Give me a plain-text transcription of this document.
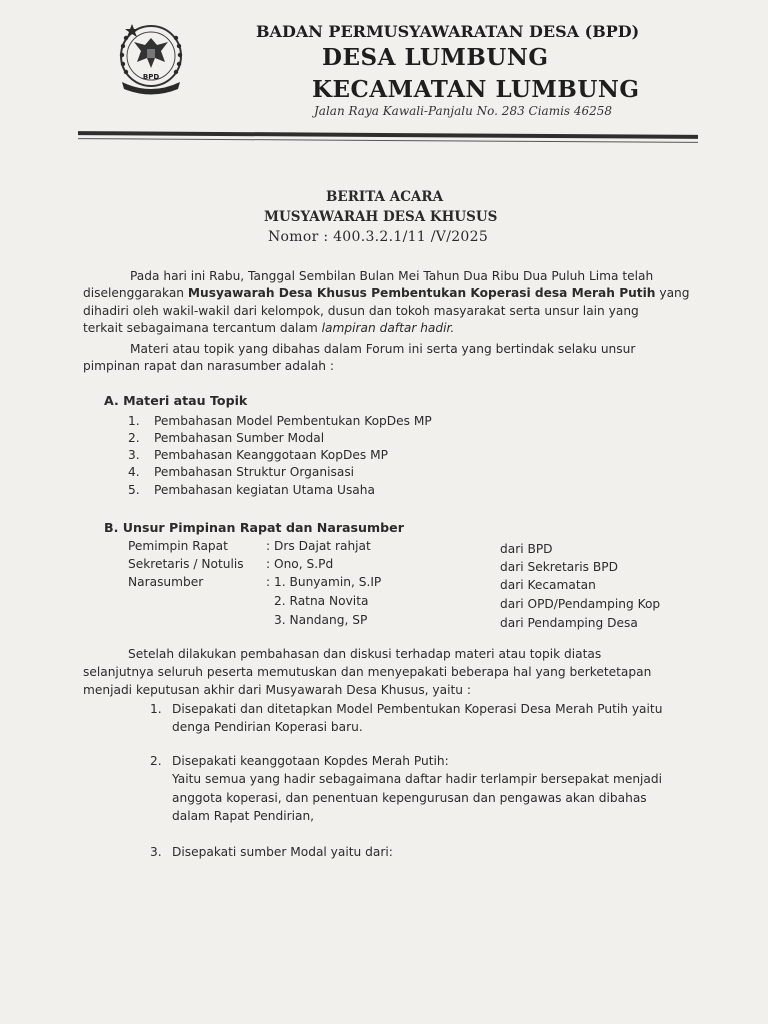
BPD
BADAN PERMUSYAWARATAN DESA (BPD)
DESA LUMBUNG
KECAMATAN LUMBUNG
Jalan Raya Kawali-Panjalu No. 283 Ciamis 46258
BERITA ACARA
MUSYAWARAH DESA KHUSUS
Nomor : 400.3.2.1/11 /V/2025
Pada hari ini Rabu, Tanggal Sembilan Bulan Mei Tahun Dua Ribu Dua Puluh Lima telah
diselenggarakan Musyawarah Desa Khusus Pembentukan Koperasi desa Merah Putih yang
dihadiri oleh wakil-wakil dari kelompok, dusun dan tokoh masyarakat serta unsur lain yang
terkait sebagaimana tercantum dalam lampiran daftar hadir.
Materi atau topik yang dibahas dalam Forum ini serta yang bertindak selaku unsur
pimpinan rapat dan narasumber adalah :
A. Materi atau Topik
1. Pembahasan Model Pembentukan KopDes MP
2. Pembahasan Sumber Modal
3. Pembahasan Keanggotaan KopDes MP
4. Pembahasan Struktur Organisasi
5. Pembahasan kegiatan Utama Usaha
B. Unsur Pimpinan Rapat dan Narasumber
Pemimpin Rapat	: Drs Dajat rahjat	dari BPD
Sekretaris / Notulis : Ono, S.Pd	dari Sekretaris BPD
Narasumber	: 1. Bunyamin, S.IP	dari Kecamatan
2. Ratna Novita	dari OPD/Pendamping Kop
3. Nandang, SP	dari Pendamping Desa
Setelah dilakukan pembahasan dan diskusi terhadap materi atau topik diatas
selanjutnya seluruh peserta memutuskan dan menyepakati beberapa hal yang berketetapan
menjadi keputusan akhir dari Musyawarah Desa Khusus, yaitu :
1. Disepakati dan ditetapkan Model Pembentukan Koperasi Desa Merah Putih yaitu
denga Pendirian Koperasi baru.
2. Disepakati keanggotaan Kopdes Merah Putih:
Yaitu semua yang hadir sebagaimana daftar hadir terlampir bersepakat menjadi
anggota koperasi, dan penentuan kepengurusan dan pengawas akan dibahas
dalam Rapat Pendirian,
3. Disepakati sumber Modal yaitu dari:
